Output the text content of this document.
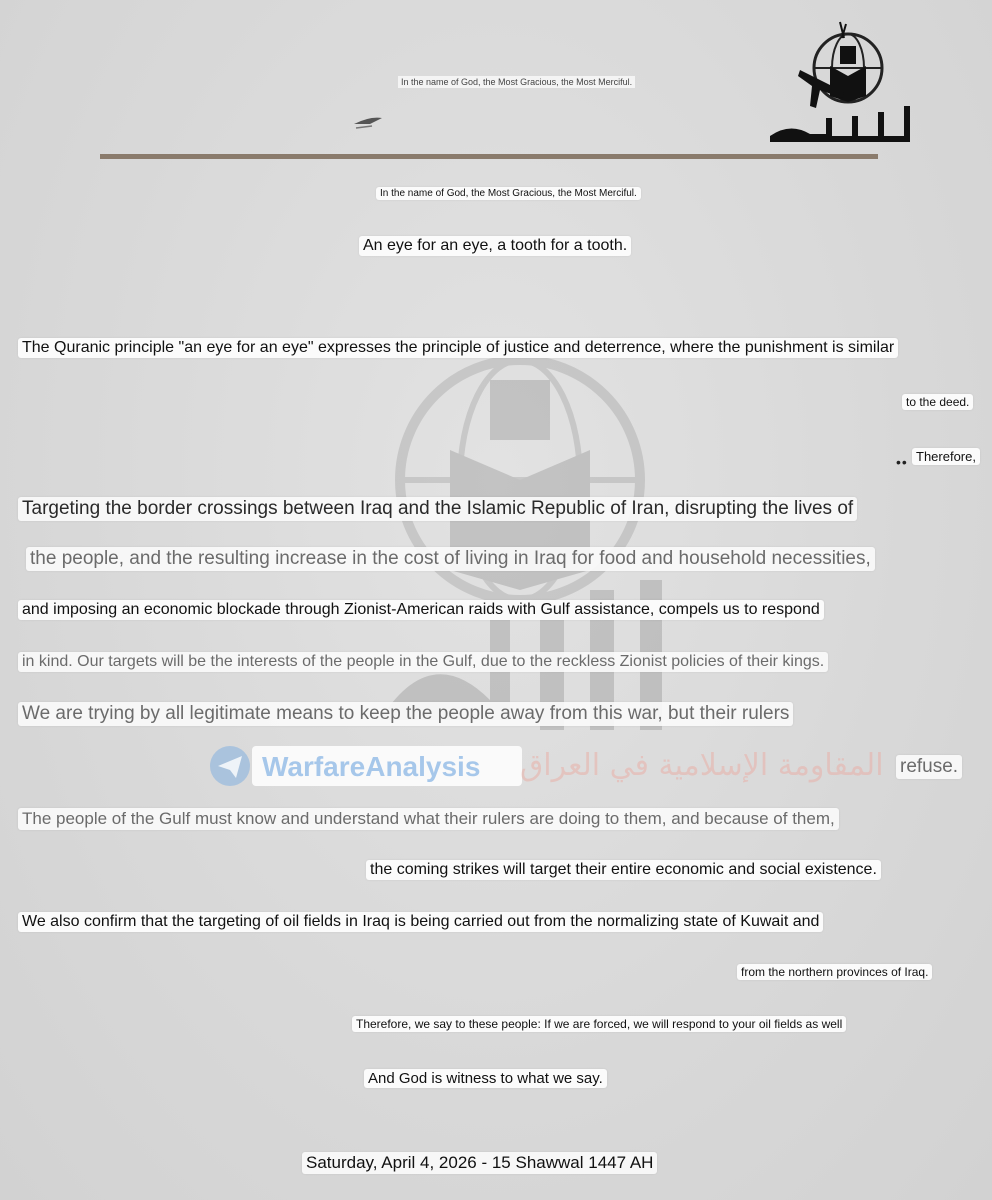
WarfareAnalysis المقاومة الإسلامية في العراق
أصحاب الكهف
In the name of God, the Most Gracious, the Most Merciful.
In the name of God, the Most Gracious, the Most Merciful.
An eye for an eye, a tooth for a tooth.
The Quranic principle "an eye for an eye" expresses the principle of justice and deterrence, where the punishment is similar
to the deed.
•• Therefore,
Targeting the border crossings between Iraq and the Islamic Republic of Iran, disrupting the lives of
the people, and the resulting increase in the cost of living in Iraq for food and household necessities,
and imposing an economic blockade through Zionist-American raids with Gulf assistance, compels us to respond
in kind. Our targets will be the interests of the people in the Gulf, due to the reckless Zionist policies of their kings.
We are trying by all legitimate means to keep the people away from this war, but their rulers
refuse.
The people of the Gulf must know and understand what their rulers are doing to them, and because of them,
the coming strikes will target their entire economic and social existence.
We also confirm that the targeting of oil fields in Iraq is being carried out from the normalizing state of Kuwait and
from the northern provinces of Iraq.
Therefore, we say to these people: If we are forced, we will respond to your oil fields as well
And God is witness to what we say.
Saturday, April 4, 2026 - 15 Shawwal 1447 AH
